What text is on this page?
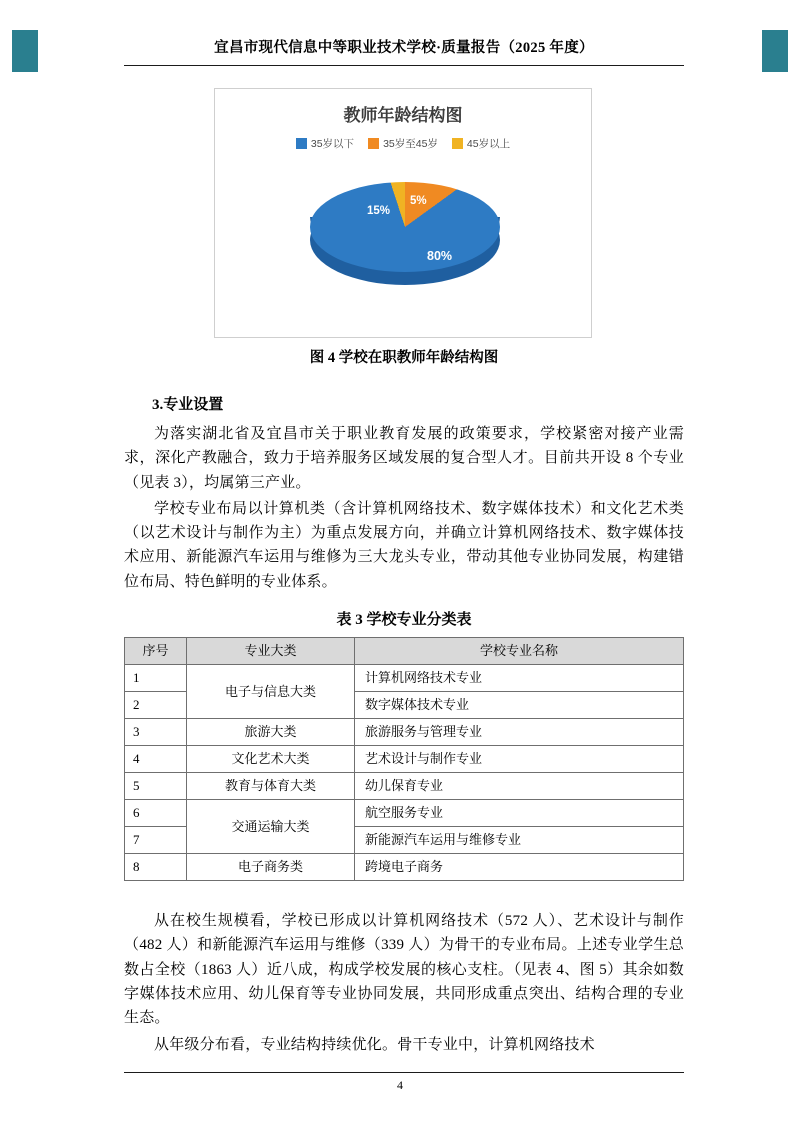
宜昌市现代信息中等职业技术学校·质量报告（2025 年度）
教师年龄结构图
35岁以下	35岁至45岁	45岁以上
80%
15%
5%
图 4 学校在职教师年龄结构图
3.专业设置

为落实湖北省及宜昌市关于职业教育发展的政策要求，学校紧密对接产业需求，深化产教融合，致力于培养服务区域发展的复合型人才。目前共开设 8 个专业（见表 3），均属第三产业。

学校专业布局以计算机类（含计算机网络技术、数字媒体技术）和文化艺术类（以艺术设计与制作为主）为重点发展方向，并确立计算机网络技术、数字媒体技术应用、新能源汽车运用与维修为三大龙头专业，带动其他专业协同发展，构建错位布局、特色鲜明的专业体系。

表 3 学校专业分类表
序号	专业大类	学校专业名称
1	电子与信息大类	计算机网络技术专业
2		数字媒体技术专业
3	旅游大类	旅游服务与管理专业
4	文化艺术大类	艺术设计与制作专业
5	教育与体育大类	幼儿保育专业
6	交通运输大类	航空服务专业
7		新能源汽车运用与维修专业
8	电子商务类	跨境电子商务

从在校生规模看，学校已形成以计算机网络技术（572 人）、艺术设计与制作（482 人）和新能源汽车运用与维修（339 人）为骨干的专业布局。上述专业学生总数占全校（1863 人）近八成，构成学校发展的核心支柱。（见表 4、图 5）其余如数字媒体技术应用、幼儿保育等专业协同发展，共同形成重点突出、结构合理的专业生态。

从年级分布看，专业结构持续优化。骨干专业中，计算机网络技术

4
